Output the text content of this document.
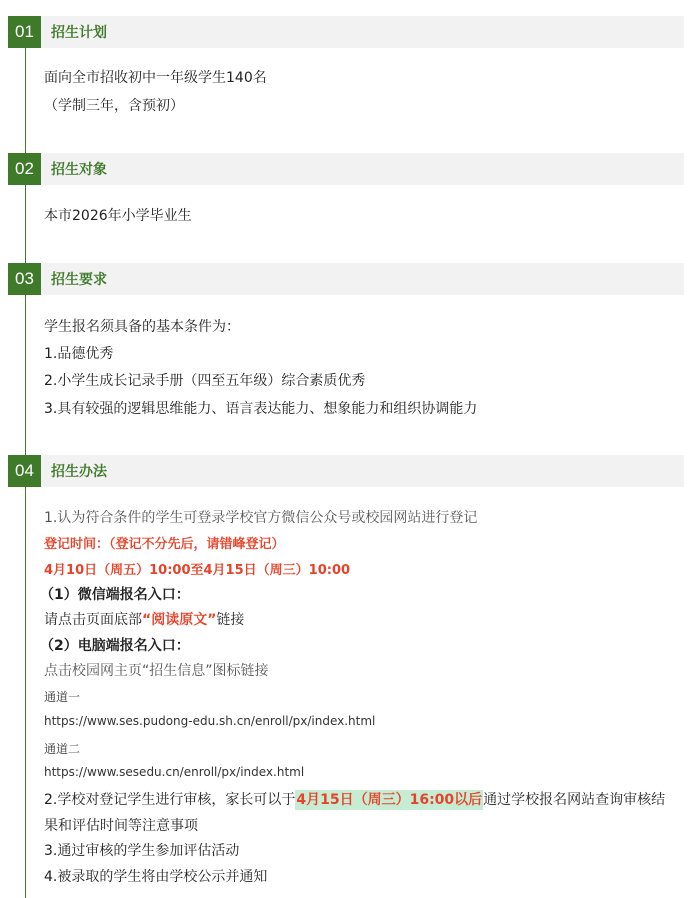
01	招生计划
面向全市招收初中一年级学生140名
（学制三年，含预初）
02	招生对象
本市2026年小学毕业生
03	招生要求
学生报名须具备的基本条件为：
1.品德优秀
2.小学生成长记录手册（四至五年级）综合素质优秀
3.具有较强的逻辑思维能力、语言表达能力、想象能力和组织协调能力
04	招生办法
1.认为符合条件的学生可登录学校官方微信公众号或校园网站进行登记
登记时间：（登记不分先后，请错峰登记）
4月10日（周五）10:00至4月15日（周三）10:00
（1）微信端报名入口：
请点击页面底部“阅读原文”链接
（2）电脑端报名入口：
点击校园网主页“招生信息”图标链接
通道一
https://www.ses.pudong-edu.sh.cn/enroll/px/index.html
通道二
https://www.sesedu.cn/enroll/px/index.html
2.学校对登记学生进行审核，家长可以于4月15日（周三）16:00以后通过学校报名网站查询审核结
果和评估时间等注意事项
3.通过审核的学生参加评估活动
4.被录取的学生将由学校公示并通知
